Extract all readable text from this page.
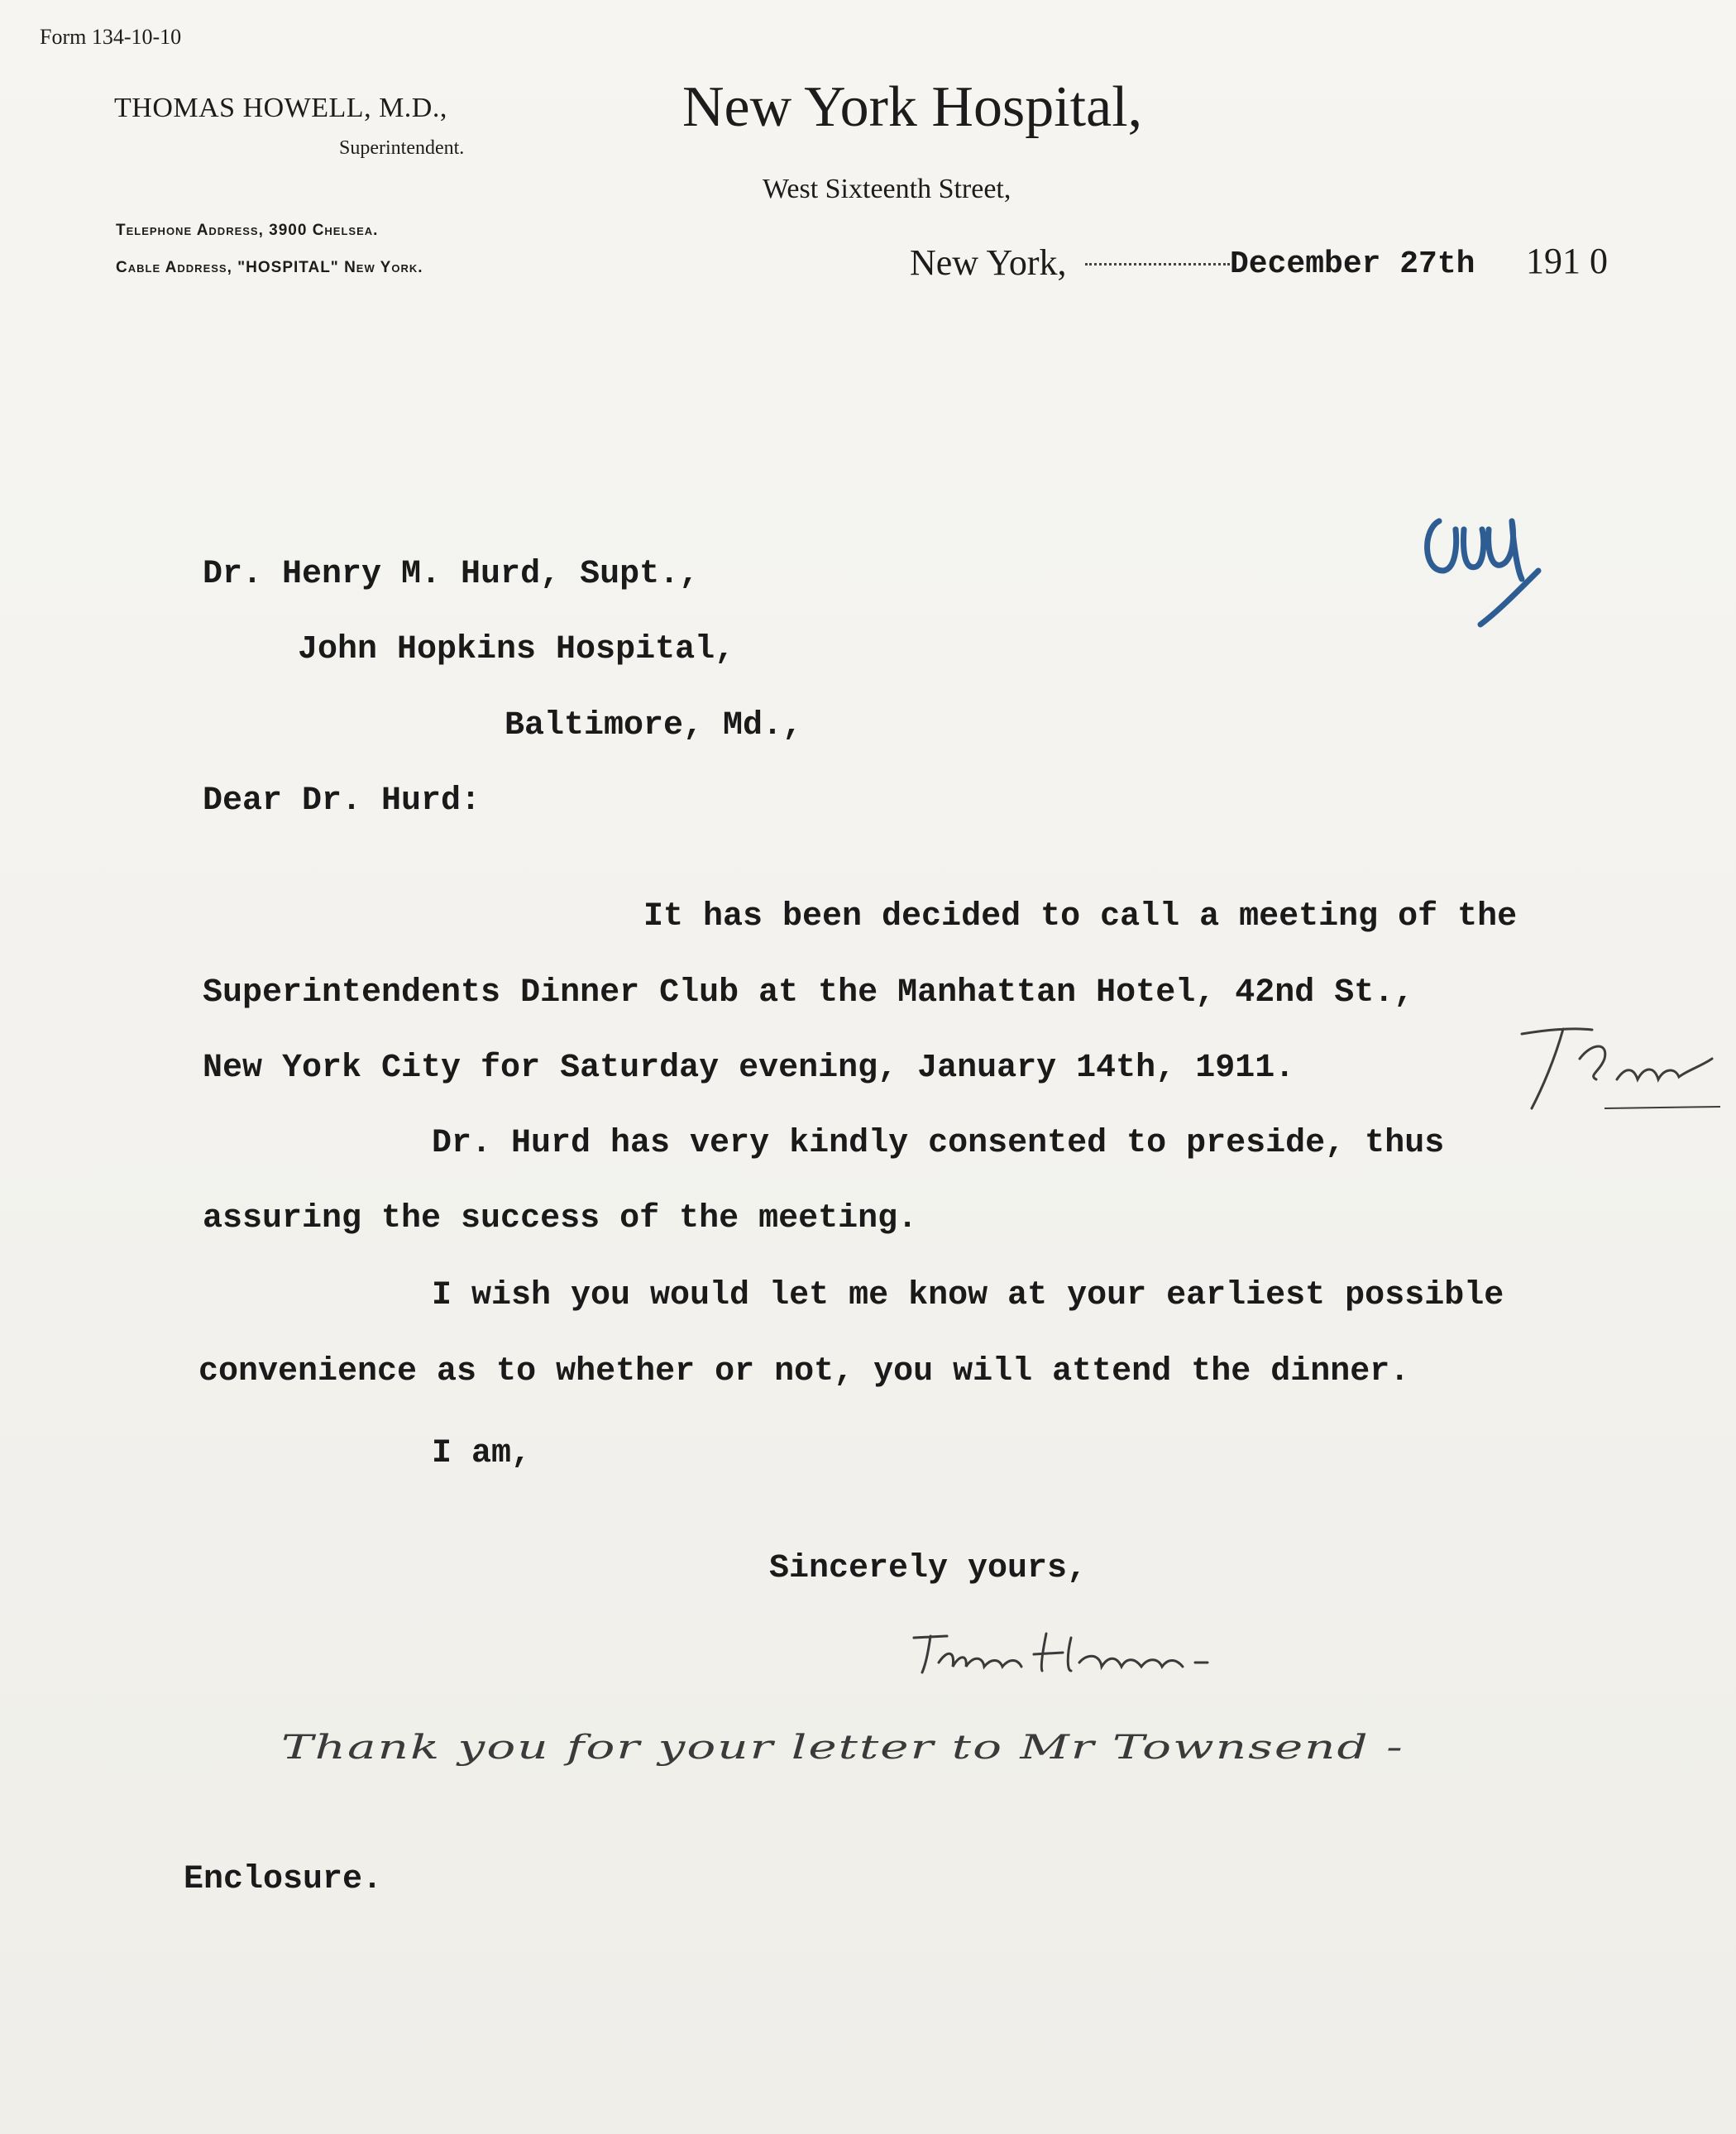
Form 134-10-10
THOMAS HOWELL, M.D.,
Superintendent.
New York Hospital,
West Sixteenth Street,
Telephone Address, 3900 Chelsea.
Cable Address, "HOSPITAL" New York.	New York,	December 27th 191 0
Dr. Henry M. Hurd, Supt.,
John Hopkins Hospital,
Baltimore, Md.,
Dear Dr. Hurd:
It has been decided to call a meeting of the
Superintendents Dinner Club at the Manhattan Hotel, 42nd St.,
New York City for Saturday evening, January 14th, 1911.
Dr. Hurd has very kindly consented to preside, thus
assuring the success of the meeting.
I wish you would let me know at your earliest possible
convenience as to whether or not, you will attend the dinner.
I am,
Sincerely yours,
Thank you for your letter to Mr Townsend -
Enclosure.
